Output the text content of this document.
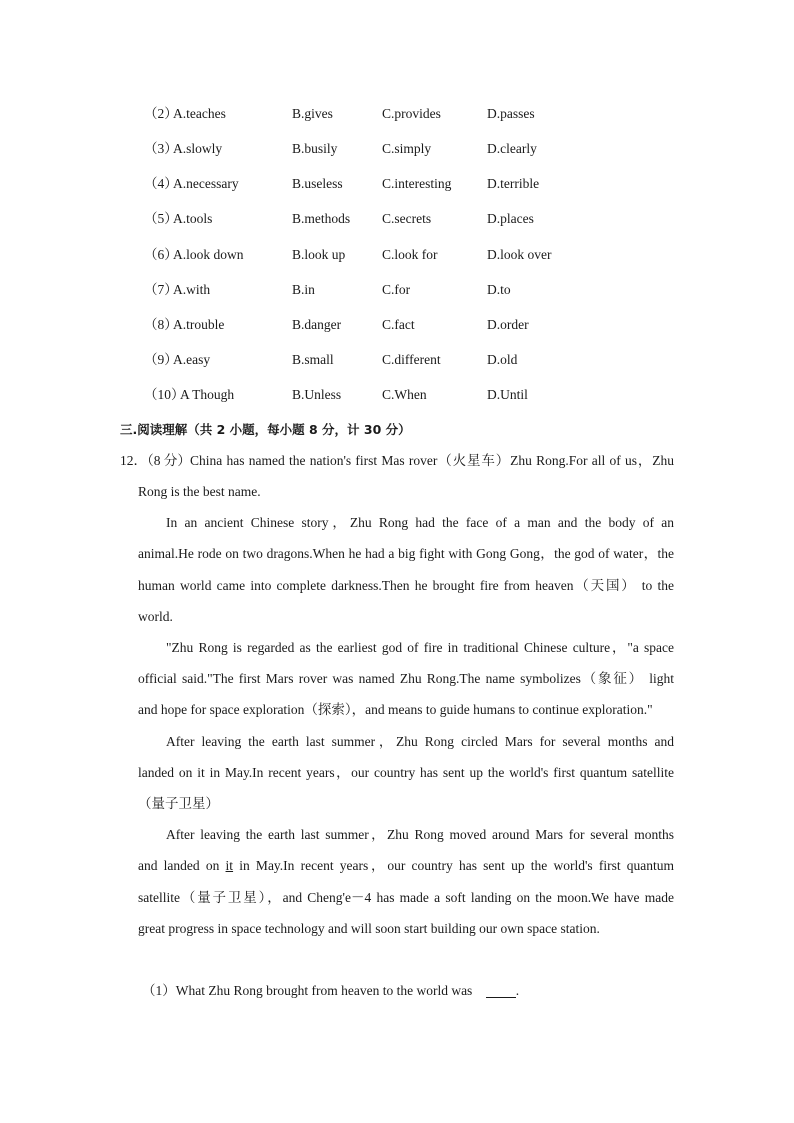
（2）
A.teaches	B.gives	C.provides	D.passes
（3）
A.slowly	B.busily	C.simply	D.clearly
（4）
A.necessary	B.useless	C.interesting	D.terrible
（5）
A.tools	B.methods C.secrets	D.places
（6）
A.look down	B.look up	C.look for	D.look over
（7）
A.with	B.in	C.for	D.to
（8）
A.trouble	B.danger	C.fact	D.order
（9）
A.easy	B.small	C.different	D.old
（10）
A Though	B.Unless	C.When	D.Until
三.阅读理解（共 2 小题，每小题 8 分，计 30 分）
12．（8 分） China has named the nation's first Mas rover（火星车）Zhu Rong.For all of us，Zhu
Rong is the best name.
In an ancient Chinese story，Zhu Rong had the face of a man and the body of an
animal.He rode on two dragons.When he had a big fight with Gong Gong，the god of water，the
human world came into complete darkness.Then he brought fire from heaven（天国） to the
world.
"Zhu Rong is regarded as the earliest god of fire in traditional Chinese culture，"a space
official said."The first Mars rover was named Zhu Rong.The name symbolizes（象征） light
and hope for space exploration（探索），and means to guide humans to continue exploration."
After leaving the earth last summer，Zhu Rong circled Mars for several months and
landed on it in May.In recent years，our country has sent up the world's first quantum satellite
（量子卫星）
After leaving the earth last summer，Zhu Rong moved around Mars for several months
and landed on it in May.In recent years，our country has sent up the world's first quantum
satellite（量子卫星），and Cheng'e－4 has made a soft landing on the moon.We have made
great progress in space technology and will soon start building our own space station.
（1）What Zhu Rong brought from heaven to the world was	.
